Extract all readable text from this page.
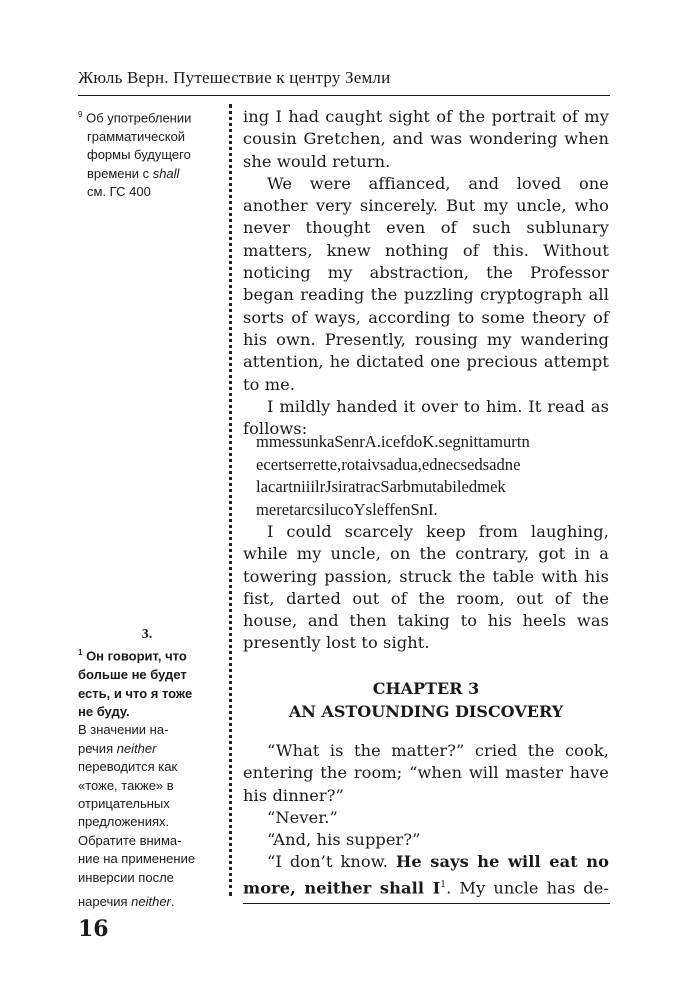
Жюль Верн. Путешествие к центру Земли
$^9$ Об употреблении
грамматической
формы будущего
времени с shall
см. ГС 400
3.
$^1$ Он говорит, что
больше не будет
есть, и что я тоже
не буду.
В значении на-
речия neither
переводится как
«тоже, также» в
отрицательных
предложениях.
Обратите внима-
ние на применение
инверсии после
наречия neither.

ing I had caught sight of the portrait of my cousin Gretchen, and was wondering when she would return.

We were affianced, and loved one another very sincerely. But my uncle, who never thought even of such sublunary matters, knew nothing of this. Without noticing my abstraction, the Professor began reading the puzzling cryptograph all sorts of ways, according to some theory of his own. Presently, rousing my wandering attention, he dictated one precious attempt to me.

I mildly handed it over to him. It read as follows:

mmessunkaSenrA.icefdoK.segnittamurtn
ecertserrette,rotaivsadua,ednecsedsadne
lacartniiilrJsiratracSarbmutabiledmek
meretarcsilucoYsleffenSnI.

I could scarcely keep from laughing, while my uncle, on the contrary, got in a towering passion, struck the table with his fist, darted out of the room, out of the house, and then taking to his heels was presently lost to sight.

CHAPTER 3
AN ASTOUNDING DISCOVERY

“What is the matter?” cried the cook, entering the room; “when will master have his dinner?”

“Never.”

“And, his supper?”

“I don’t know. He says he will eat no more, neither shall I$^1$. My uncle has de-

16
